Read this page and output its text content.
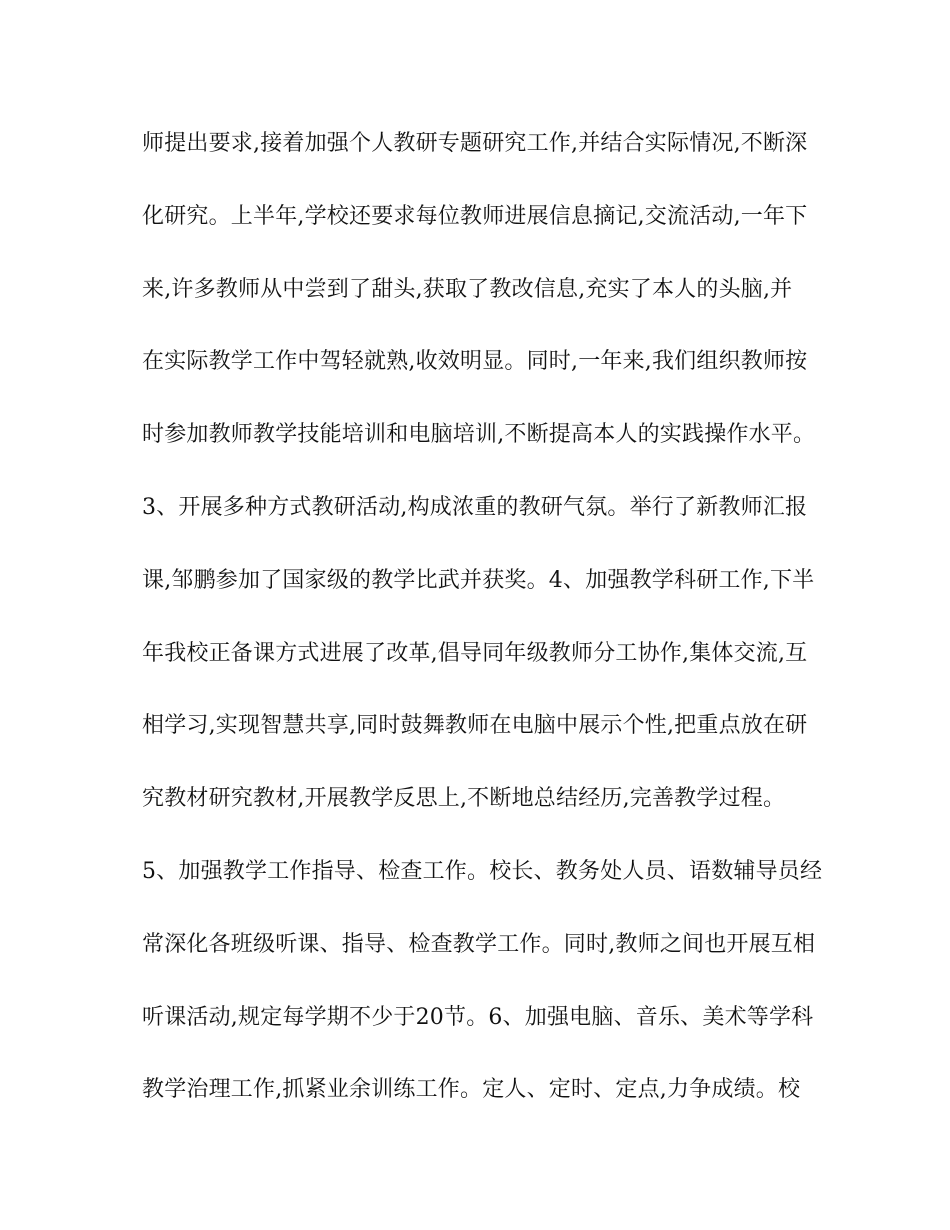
师提出要求,接着加强个人教研专题研究工作,并结合实际情况,不断深
化研究。上半年,学校还要求每位教师进展信息摘记,交流活动,一年下
来,许多教师从中尝到了甜头,获取了教改信息,充实了本人的头脑,并
在实际教学工作中驾轻就熟,收效明显。同时,一年来,我们组织教师按
时参加教师教学技能培训和电脑培训,不断提高本人的实践操作水平。
3、开展多种方式教研活动,构成浓重的教研气氛。举行了新教师汇报
课,邹鹏参加了国家级的教学比武并获奖。4、加强教学科研工作,下半
年我校正备课方式进展了改革,倡导同年级教师分工协作,集体交流,互
相学习,实现智慧共享,同时鼓舞教师在电脑中展示个性,把重点放在研
究教材研究教材,开展教学反思上,不断地总结经历,完善教学过程。
5、加强教学工作指导、检查工作。校长、教务处人员、语数辅导员经
常深化各班级听课、指导、检查教学工作。同时,教师之间也开展互相
听课活动,规定每学期不少于20节。6、加强电脑、音乐、美术等学科
教学治理工作,抓紧业余训练工作。定人、定时、定点,力争成绩。校
